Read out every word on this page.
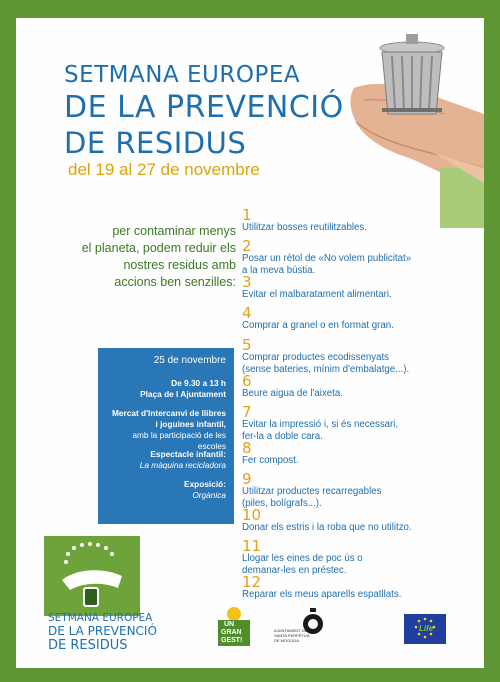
SETMANA EUROPEA
DE LA PREVENCIÓ
DE RESIDUS
del 19 al 27 de novembre
per contaminar menys
el planeta, podem reduir els
nostres residus amb
accions ben senzilles:
1
Utilitzar bosses reutilitzables.
2
Posar un rètol de «No volem publicitat»
a la meva bústia.
3
Evitar el malbaratament alimentari.
4
Comprar a granel o en format gran.
5
Comprar productes ecodissenyats
(sense bateries, mínim d'embalatge...).
6
Beure aigua de l'aixeta.
7
Evitar la impressió i, si és necessari,
fer-la a doble cara.
8
Fer compost.
9
Utilitzar productes recarregables
(piles, bolígrafs...).
10
Donar els estris i la roba que no utilitzo.
11
Llogar les eines de poc ús o
demanar-les en préstec.
12
Reparar els meus aparells espatllats.
25 de novembre
De 9.30 a 13 h
Plaça de l Ajuntament
Mercat d'Intercanvi de llibres
i joguines infantil,
amb la participació de les escoles
Espectacle infantil:
La màquina recicladora
Exposició:
Orgànica
SETMANA EUROPEA
DE LA PREVENCIÓ
DE RESIDUS
UN
GRAN
GEST!
AJUNTAMENT DE
SANTA PERPÈTUA
DE MOGODA
Life
